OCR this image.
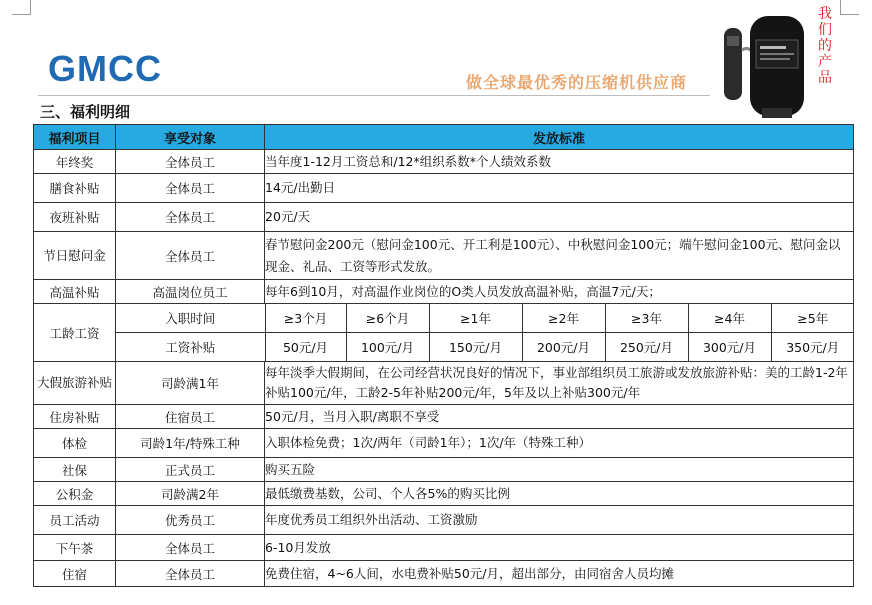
GMCC	做全球最优秀的压缩机供应商
我们的产品
三、福利明细
福利项目	享受对象	发放标准
年终奖	全体员工	当年度1-12月工资总和/12*组织系数*个人绩效系数
膳食补贴	全体员工	14元/出勤日
夜班补贴	全体员工	20元/天
节日慰问金	全体员工	春节慰问金200元（慰问金100元、开工利是100元）、中秋慰问金100元；端午慰问金100元、慰问金以现金、礼品、工资等形式发放。
高温补贴	高温岗位员工	每年6到10月，对高温作业岗位的O类人员发放高温补贴，高温7元/天；
工龄工资	
入职时间	≥3个月	≥6个月	≥1年	≥2年	≥3年	≥4年	≥5年
工资补贴	50元/月	100元/月	150元/月	200元/月	250元/月	300元/月	350元/月

大假旅游补贴	司龄满1年	每年淡季大假期间，在公司经营状况良好的情况下，事业部组织员工旅游或发放旅游补贴：美的工龄1-2年补贴100元/年，工龄2-5年补贴200元/年，5年及以上补贴300元/年
住房补贴	住宿员工	50元/月，当月入职/离职不享受
体检	司龄1年/特殊工种	入职体检免费；1次/两年（司龄1年）；1次/年（特殊工种）
社保	正式员工	购买五险
公积金	司龄满2年	最低缴费基数，公司、个人各5%的购买比例
员工活动	优秀员工	年度优秀员工组织外出活动、工资激励
下午茶	全体员工	6-10月发放
住宿	全体员工	免费住宿，4~6人间，水电费补贴50元/月，超出部分，由同宿舍人员均摊
